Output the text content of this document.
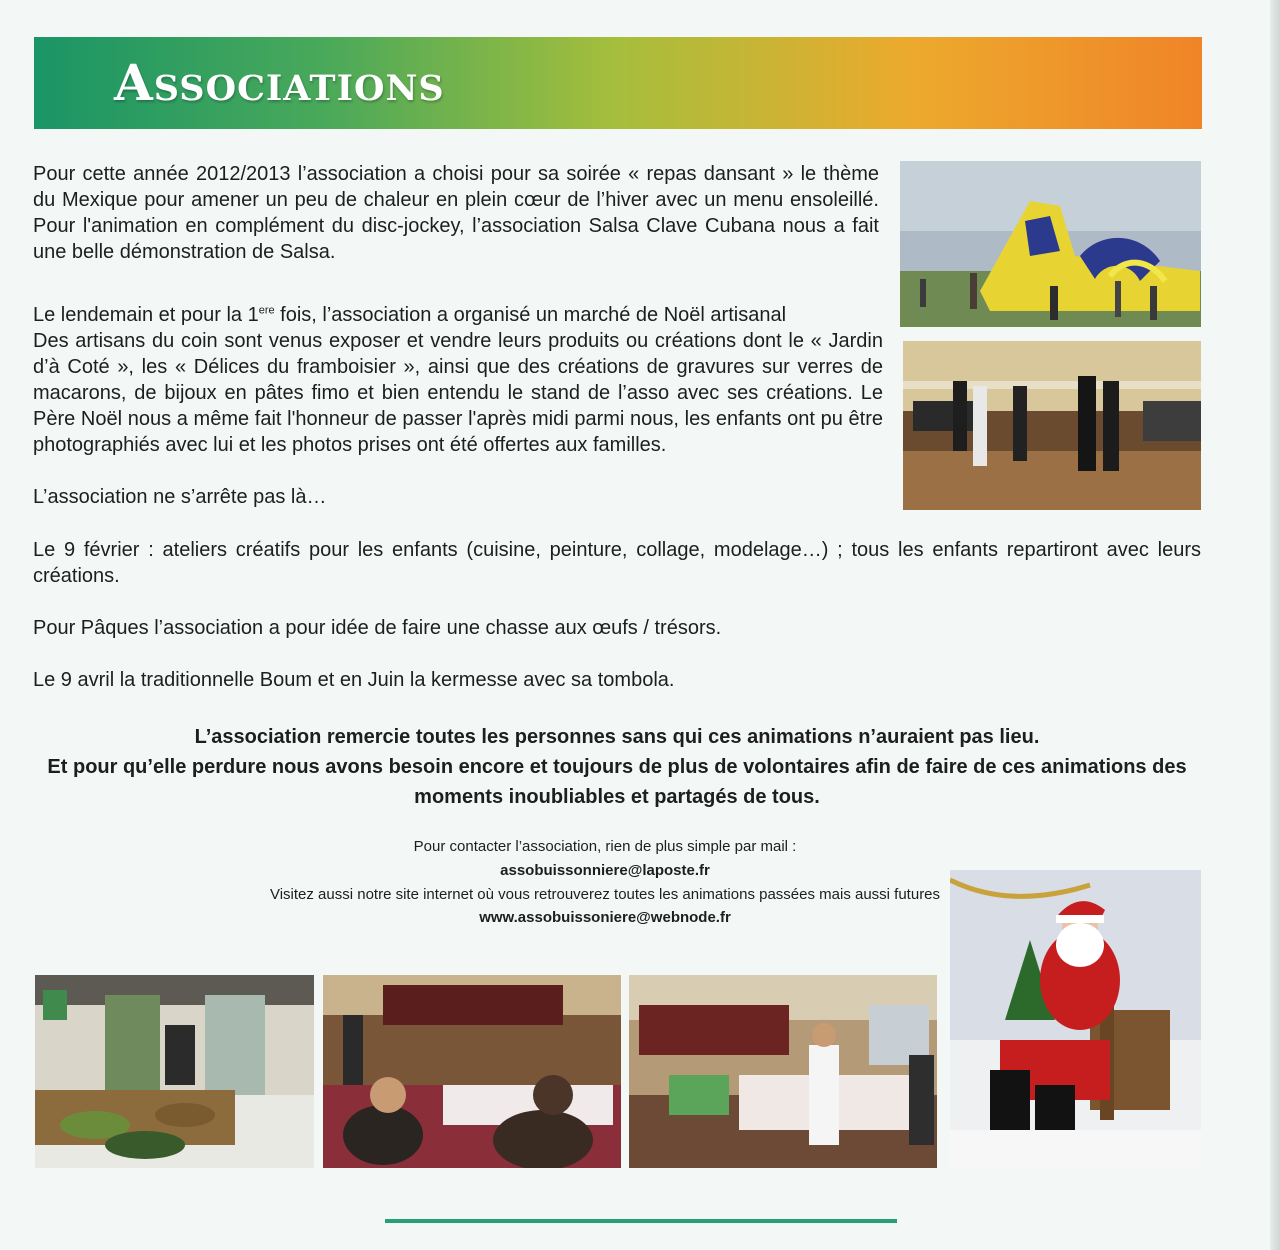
Associations

Pour cette année 2012/2013 l’association a choisi pour sa soirée « repas dansant » le thème du Mexique pour amener un peu de chaleur en plein cœur de l’hiver avec un menu ensoleillé. Pour l'animation en complément du disc-jockey, l’association Salsa Clave Cubana nous a fait une belle démonstration de Salsa.

Le lendemain et pour la 1ere fois, l’association a organisé un marché de Noël artisanal
Des artisans du coin sont venus exposer et vendre leurs produits ou créations dont le « Jardin d’à Coté », les « Délices du framboisier », ainsi que des créations de gravures sur verres de macarons, de bijoux en pâtes fimo et bien entendu le stand de l’asso avec ses créations. Le Père Noël nous a même fait l'honneur de passer l'après midi parmi nous, les enfants ont pu être photographiés avec lui et les photos prises ont été offertes aux familles.

L’association ne s’arrête pas là…

Le 9 février : ateliers créatifs pour les enfants (cuisine, peinture, collage, modelage…) ; tous les enfants repartiront avec leurs créations.

Pour Pâques l’association a pour idée de faire une chasse aux œufs / trésors.

Le 9 avril la traditionnelle Boum et en Juin la kermesse avec sa tombola.

L’association remercie toutes les personnes sans qui ces animations n’auraient pas lieu.

Et pour qu’elle perdure nous avons besoin encore et toujours de plus de volontaires afin de faire de ces animations des moments inoubliables et partagés de tous.

Pour contacter l’association, rien de plus simple par mail :

assobuissonniere@laposte.fr

Visitez aussi notre site internet où vous retrouverez toutes les animations passées mais aussi futures

www.assobuissoniere@webnode.fr
